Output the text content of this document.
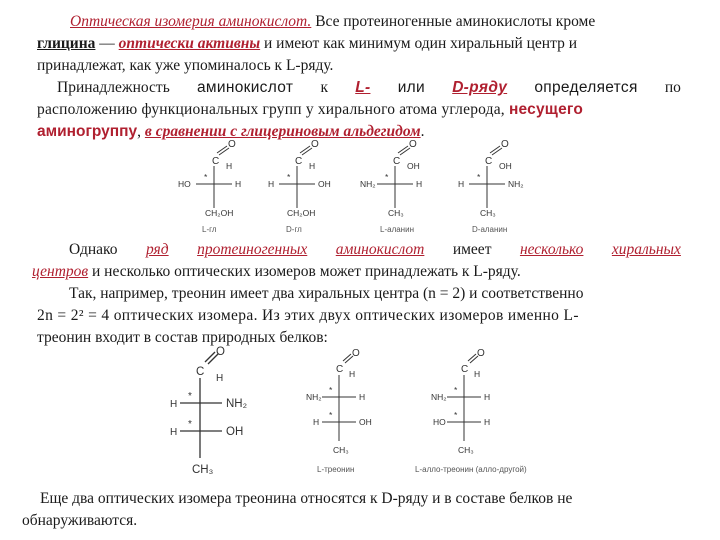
Оптическая изомерия аминокислот. Все протеиногенные аминокислоты кроме
глицина — оптически активны и имеют как минимум один хиральный центр и
принадлежат, как уже упоминалось к L-ряду.
Принадлежность аминокислот к L- или D-ряду определяется по
расположению функциональных групп у хирального атома углерода, несущего
аминогруппу, в сравнении с глицериновым альдегидом.
O
C H
HO	H
*
CH₂OH
L-гл
O
C H
H	OH
*
CH₂OH
D-гл
O
C OH
NH₂	H
*
CH₃
L-аланин
O
C OH
H	NH₂
*
CH₃
D-аланин
Однако ряд протеиногенных аминокислот имеет несколько хиральных
центров и несколько оптических изомеров может принадлежать к L-ряду.
Так, например, треонин имеет два хиральных центра (n = 2) и соответственно
2n = 2² = 4 оптических изомера. Из этих двух оптических изомеров именно L-
треонин входит в состав природных белков:
O
C
H
H	NH₂
*
H	OH
*
CH₃
O
C H
NH₂	H
*
H	OH
*
CH₃
L-треонин
O
C H
NH₂	H
*
HO	H
*
CH₃
L-алло-треонин (алло-другой)
Еще два оптических изомера треонина относятся к D-ряду и в составе белков не
обнаруживаются.
